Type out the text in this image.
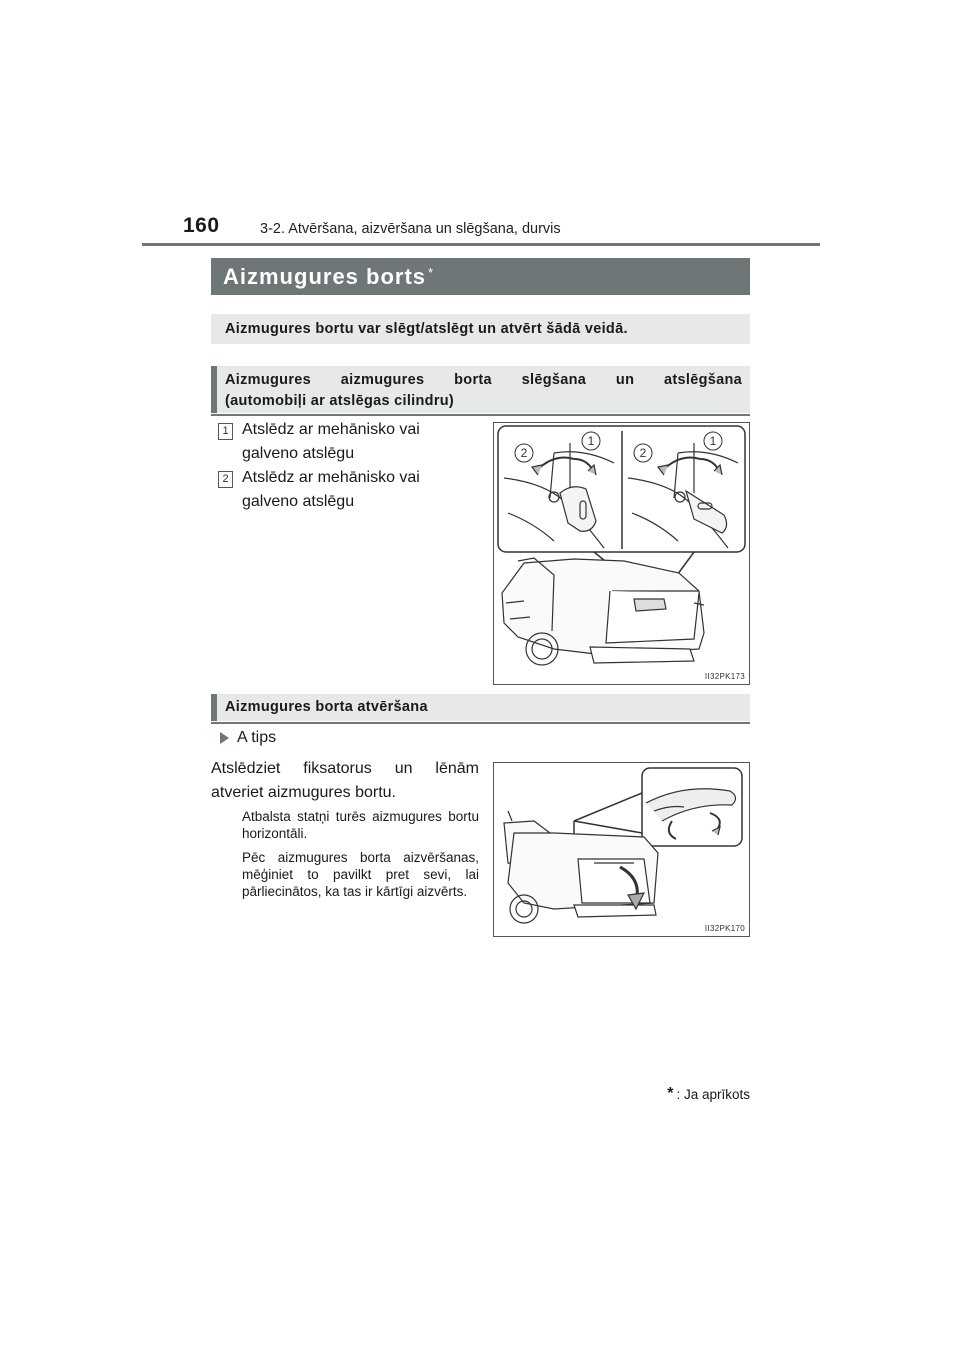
160	3-2. Atvēršana, aizvēršana un slēgšana, durvis
Aizmugures borts*
Aizmugures bortu var slēgt/atslēgt un atvērt šādā veidā.
Aizmugures aizmugures borta slēgšana un atslēgšana
(automobiļi ar atslēgas cilindru)
1 Atslēdz ar mehānisko vai
galveno atslēgu
2 Atslēdz ar mehānisko vai
galveno atslēgu
2
1
2
1
II32PK173
Aizmugures borta atvēršana
A tips
Atslēdziet fiksatorus un lēnām
atveriet aizmugures bortu.
Atbalsta statņi turēs aizmugures bortu horizontāli.
Pēc aizmugures borta aizvēršanas, mēģiniet to pavilkt pret sevi, lai pārliecinātos, ka tas ir kārtīgi aizvērts.
II32PK170
* : Ja aprīkots
